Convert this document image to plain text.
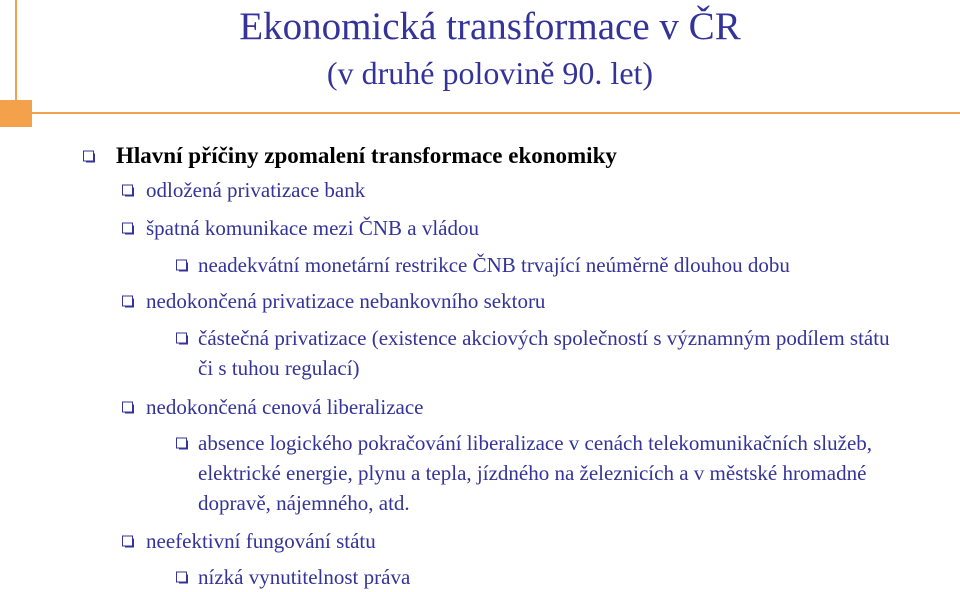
Ekonomická transformace v ČR
(v druhé polovině 90. let)

Hlavní příčiny zpomalení transformace ekonomiky

odložená privatizace bank

špatná komunikace mezi ČNB a vládou

neadekvátní monetární restrikce ČNB trvající neúměrně dlouhou dobu

nedokončená privatizace nebankovního sektoru

částečná privatizace (existence akciových společností s významným podílem státu či s tuhou regulací)

nedokončená cenová liberalizace

absence logického pokračování liberalizace v cenách telekomunikačních služeb, elektrické energie, plynu a tepla, jízdného na železnicích a v městské hromadné dopravě, nájemného, atd.

neefektivní fungování státu

nízká vynutitelnost práva
